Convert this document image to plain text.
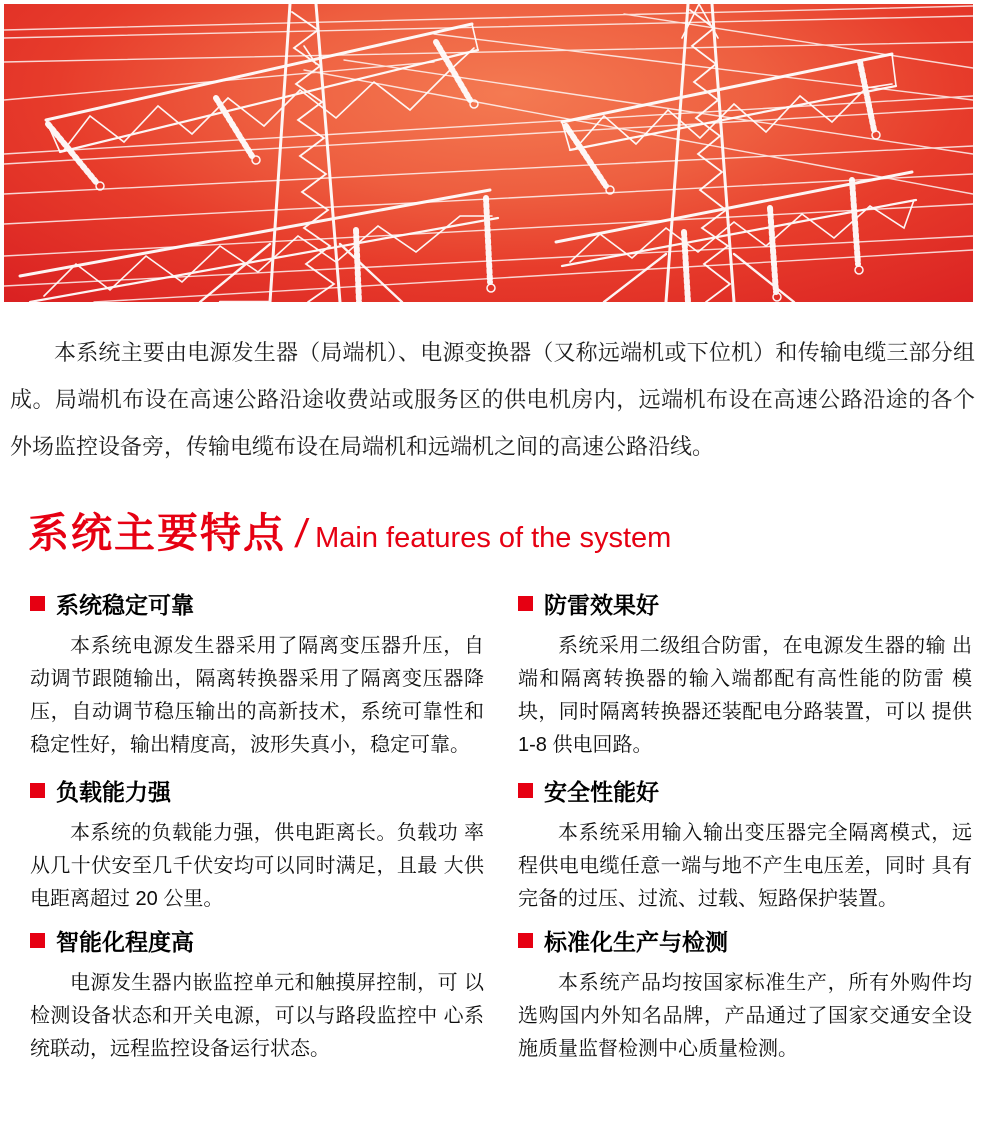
本系统主要由电源发生器（局端机）、电源变换器（又称远端机或下位机）和传输电缆三部分组成。局端机布设在高速公路沿途收费站或服务区的供电机房内，远端机布设在高速公路沿途的各个外场监控设备旁，传输电缆布设在局端机和远端机之间的高速公路沿线。

系统主要特点 / Main features of the system
系统稳定可靠

本系统电源发生器采用了隔离变压器升压，自动调节跟随输出，隔离转换器采用了隔离变压器降压，自动调节稳压输出的高新技术，系统可靠性和稳定性好，输出精度高，波形失真小，稳定可靠。

防雷效果好

系统采用二级组合防雷，在电源发生器的输 出端和隔离转换器的输入端都配有高性能的防雷 模块，同时隔离转换器还装配电分路装置，可以 提供1-8 供电回路。

负载能力强

本系统的负载能力强，供电距离长。负载功 率从几十伏安至几千伏安均可以同时满足，且最 大供电距离超过 20 公里。

安全性能好

本系统采用输入输出变压器完全隔离模式，远程供电电缆任意一端与地不产生电压差，同时 具有完备的过压、过流、过载、短路保护装置。

智能化程度高

电源发生器内嵌监控单元和触摸屏控制，可 以检测设备状态和开关电源，可以与路段监控中 心系统联动，远程监控设备运行状态。

标准化生产与检测

本系统产品均按国家标准生产，所有外购件均选购国内外知名品牌，产品通过了国家交通安全设施质量监督检测中心质量检测。
